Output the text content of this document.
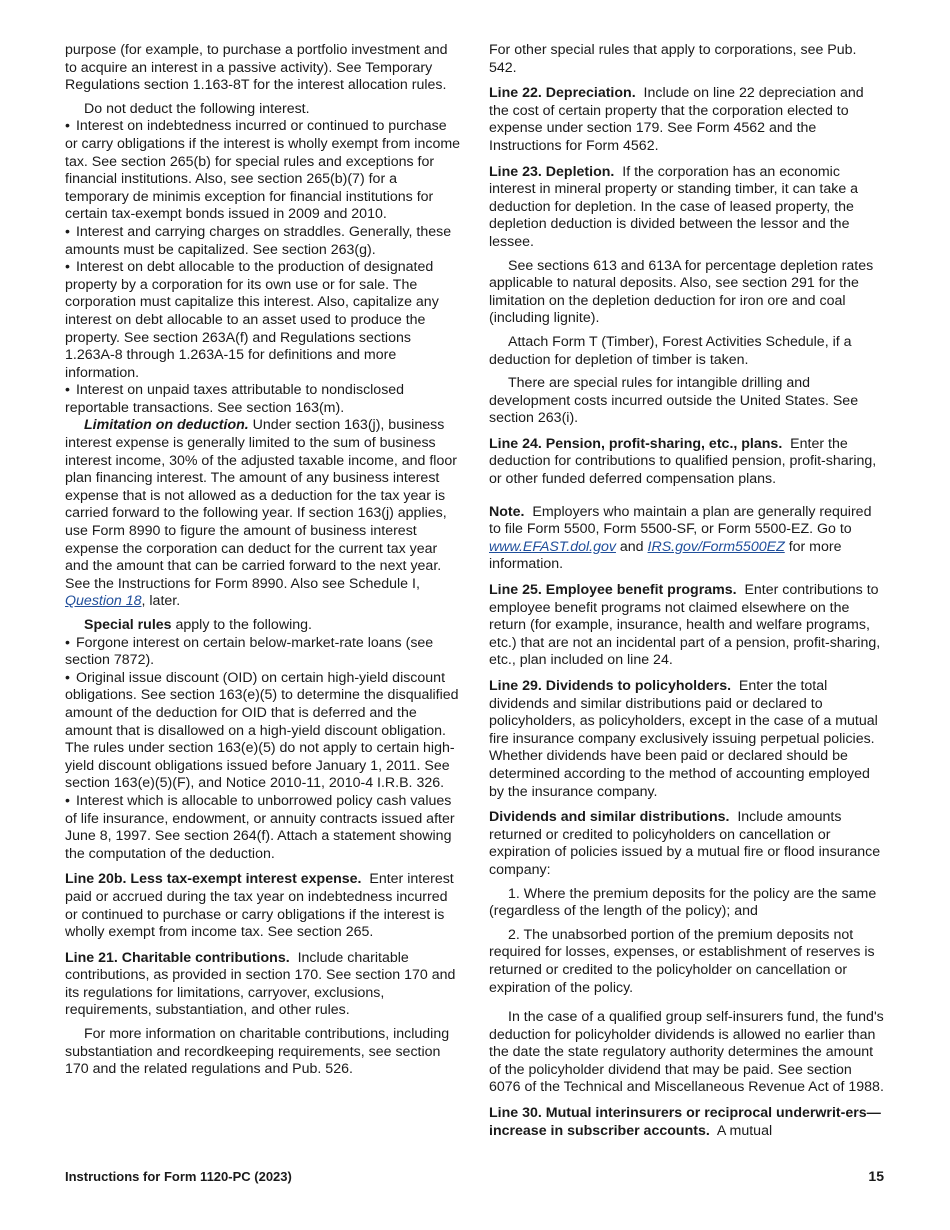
purpose (for example, to purchase a portfolio investment and to acquire an interest in a passive activity). See Temporary Regulations section 1.163-8T for the interest allocation rules.

Do not deduct the following interest.

• Interest on indebtedness incurred or continued to purchase or carry obligations if the interest is wholly exempt from income tax. See section 265(b) for special rules and exceptions for financial institutions. Also, see section 265(b)(7) for a temporary de minimis exception for financial institutions for certain tax-exempt bonds issued in 2009 and 2010.

• Interest and carrying charges on straddles. Generally, these amounts must be capitalized. See section 263(g).

• Interest on debt allocable to the production of designated property by a corporation for its own use or for sale. The corporation must capitalize this interest. Also, capitalize any interest on debt allocable to an asset used to produce the property. See section 263A(f) and Regulations sections 1.263A-8 through 1.263A-15 for definitions and more information.

• Interest on unpaid taxes attributable to nondisclosed reportable transactions. See section 163(m).

Limitation on deduction. Under section 163(j), business interest expense is generally limited to the sum of business interest income, 30% of the adjusted taxable income, and floor plan financing interest. The amount of any business interest expense that is not allowed as a deduction for the tax year is carried forward to the following year. If section 163(j) applies, use Form 8990 to figure the amount of business interest expense the corporation can deduct for the current tax year and the amount that can be carried forward to the next year. See the Instructions for Form 8990. Also see Schedule I, Question 18, later.

Special rules apply to the following.

• Forgone interest on certain below-market-rate loans (see section 7872).

• Original issue discount (OID) on certain high-yield discount obligations. See section 163(e)(5) to determine the disqualified amount of the deduction for OID that is deferred and the amount that is disallowed on a high-yield discount obligation. The rules under section 163(e)(5) do not apply to certain high-yield discount obligations issued before January 1, 2011. See section 163(e)(5)(F), and Notice 2010-11, 2010-4 I.R.B. 326.

• Interest which is allocable to unborrowed policy cash values of life insurance, endowment, or annuity contracts issued after June 8, 1997. See section 264(f). Attach a statement showing the computation of the deduction.

Line 20b. Less tax-exempt interest expense. Enter interest paid or accrued during the tax year on indebtedness incurred or continued to purchase or carry obligations if the interest is wholly exempt from income tax. See section 265.

Line 21. Charitable contributions. Include charitable contributions, as provided in section 170. See section 170 and its regulations for limitations, carryover, exclusions, requirements, substantiation, and other rules.

For more information on charitable contributions, including substantiation and recordkeeping requirements, see section 170 and the related regulations and Pub. 526.

For other special rules that apply to corporations, see Pub. 542.

Line 22. Depreciation. Include on line 22 depreciation and the cost of certain property that the corporation elected to expense under section 179. See Form 4562 and the Instructions for Form 4562.

Line 23. Depletion. If the corporation has an economic interest in mineral property or standing timber, it can take a deduction for depletion. In the case of leased property, the depletion deduction is divided between the lessor and the lessee.

See sections 613 and 613A for percentage depletion rates applicable to natural deposits. Also, see section 291 for the limitation on the depletion deduction for iron ore and coal (including lignite).

Attach Form T (Timber), Forest Activities Schedule, if a deduction for depletion of timber is taken.

There are special rules for intangible drilling and development costs incurred outside the United States. See section 263(i).

Line 24. Pension, profit-sharing, etc., plans. Enter the deduction for contributions to qualified pension, profit-sharing, or other funded deferred compensation plans.

Note. Employers who maintain a plan are generally required to file Form 5500, Form 5500-SF, or Form 5500-EZ. Go to www.EFAST.dol.gov and IRS.gov/Form5500EZ for more information.

Line 25. Employee benefit programs. Enter contributions to employee benefit programs not claimed elsewhere on the return (for example, insurance, health and welfare programs, etc.) that are not an incidental part of a pension, profit-sharing, etc., plan included on line 24.

Line 29. Dividends to policyholders. Enter the total dividends and similar distributions paid or declared to policyholders, as policyholders, except in the case of a mutual fire insurance company exclusively issuing perpetual policies. Whether dividends have been paid or declared should be determined according to the method of accounting employed by the insurance company.

Dividends and similar distributions. Include amounts returned or credited to policyholders on cancellation or expiration of policies issued by a mutual fire or flood insurance company:

1. Where the premium deposits for the policy are the same (regardless of the length of the policy); and

2. The unabsorbed portion of the premium deposits not required for losses, expenses, or establishment of reserves is returned or credited to the policyholder on cancellation or expiration of the policy.

In the case of a qualified group self-insurers fund, the fund's deduction for policyholder dividends is allowed no earlier than the date the state regulatory authority determines the amount of the policyholder dividend that may be paid. See section 6076 of the Technical and Miscellaneous Revenue Act of 1988.

Line 30. Mutual interinsurers or reciprocal underwrit-ers—increase in subscriber accounts. A mutual

Instructions for Form 1120-PC (2023)	15
